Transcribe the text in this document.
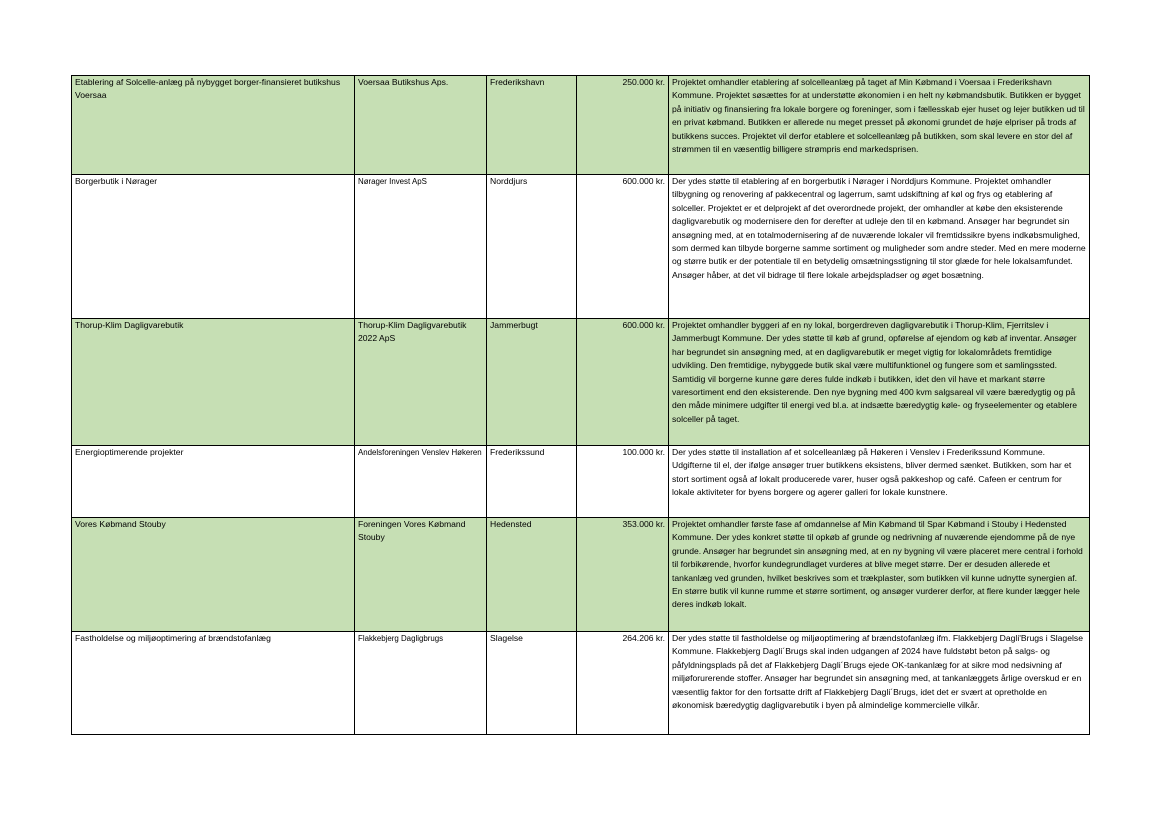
Etablering af Solcelle-anlæg på nybygget borger-finansieret butikshus Voersaa	Voersaa Butikshus Aps.	Frederikshavn	250.000 kr.	Projektet omhandler etablering af solcelleanlæg på taget af Min Købmand i Voersaa i Frederikshavn Kommune. Projektet søsættes for at understøtte økonomien i en helt ny købmandsbutik. Butikken er bygget på initiativ og finansiering fra lokale borgere og foreninger, som i fællesskab ejer huset og lejer butikken ud til en privat købmand. Butikken er allerede nu meget presset på økonomi grundet de høje elpriser på trods af butikkens succes. Projektet vil derfor etablere et solcelleanlæg på butikken, som skal levere en stor del af strømmen til en væsentlig billigere strømpris end markedsprisen.
Borgerbutik i Nørager	Nørager Invest ApS	Norddjurs	600.000 kr.	Der ydes støtte til etablering af en borgerbutik i Nørager i Norddjurs Kommune. Projektet omhandler tilbygning og renovering af pakkecentral og lagerrum, samt udskiftning af køl og frys og etablering af solceller. Projektet er et delprojekt af det overordnede projekt, der omhandler at købe den eksisterende dagligvarebutik og modernisere den for derefter at udleje den til en købmand. Ansøger har begrundet sin ansøgning med, at en totalmodernisering af de nuværende lokaler vil fremtidssikre byens indkøbsmulighed, som dermed kan tilbyde borgerne samme sortiment og muligheder som andre steder. Med en mere moderne og større butik er der potentiale til en betydelig omsætningsstigning til stor glæde for hele lokalsamfundet. Ansøger håber, at det vil bidrage til flere lokale arbejdspladser og øget bosætning.
Thorup-Klim Dagligvarebutik	Thorup-Klim Dagligvarebutik 2022 ApS	Jammerbugt	600.000 kr.	Projektet omhandler byggeri af en ny lokal, borgerdreven dagligvarebutik i Thorup-Klim, Fjerritslev i Jammerbugt Kommune. Der ydes støtte til køb af grund, opførelse af ejendom og køb af inventar. Ansøger har begrundet sin ansøgning med, at en dagligvarebutik er meget vigtig for lokalområdets fremtidige udvikling. Den fremtidige, nybyggede butik skal være multifunktionel og fungere som et samlingssted. Samtidig vil borgerne kunne gøre deres fulde indkøb i butikken, idet den vil have et markant større varesortiment end den eksisterende. Den nye bygning med 400 kvm salgsareal vil være bæredygtig og på den måde minimere udgifter til energi ved bl.a. at indsætte bæredygtig køle- og fryseelementer og etablere solceller på taget.
Energioptimerende projekter	Andelsforeningen Venslev Høkeren	Frederikssund	100.000 kr.	Der ydes støtte til installation af et solcelleanlæg på Høkeren i Venslev i Frederikssund Kommune. Udgifterne til el, der ifølge ansøger truer butikkens eksistens, bliver dermed sænket. Butikken, som har et stort sortiment også af lokalt producerede varer, huser også pakkeshop og café. Cafeen er centrum for lokale aktiviteter for byens borgere og agerer galleri for lokale kunstnere.
Vores Købmand Stouby	Foreningen Vores Købmand Stouby	Hedensted	353.000 kr.	Projektet omhandler første fase af omdannelse af Min Købmand til Spar Købmand i Stouby i Hedensted Kommune. Der ydes konkret støtte til opkøb af grunde og nedrivning af nuværende ejendomme på de nye grunde. Ansøger har begrundet sin ansøgning med, at en ny bygning vil være placeret mere central i forhold til forbikørende, hvorfor kundegrundlaget vurderes at blive meget større. Der er desuden allerede et tankanlæg ved grunden, hvilket beskrives som et trækplaster, som butikken vil kunne udnytte synergien af. En større butik vil kunne rumme et større sortiment, og ansøger vurderer derfor, at flere kunder lægger hele deres indkøb lokalt.
Fastholdelse og miljøoptimering af brændstofanlæg	Flakkebjerg Dagligbrugs	Slagelse	264.206 kr.	Der ydes støtte til fastholdelse og miljøoptimering af brændstofanlæg ifm. Flakkebjerg Dagli'Brugs i Slagelse Kommune. Flakkebjerg Dagli´Brugs skal inden udgangen af 2024 have fuldstøbt beton på salgs- og påfyldningsplads på det af Flakkebjerg Dagli´Brugs ejede OK-tankanlæg for at sikre mod nedsivning af miljøforurerende stoffer. Ansøger har begrundet sin ansøgning med, at tankanlæggets årlige overskud er en væsentlig faktor for den fortsatte drift af Flakkebjerg Dagli´Brugs, idet det er svært at opretholde en økonomisk bæredygtig dagligvarebutik i byen på almindelige kommercielle vilkår.
